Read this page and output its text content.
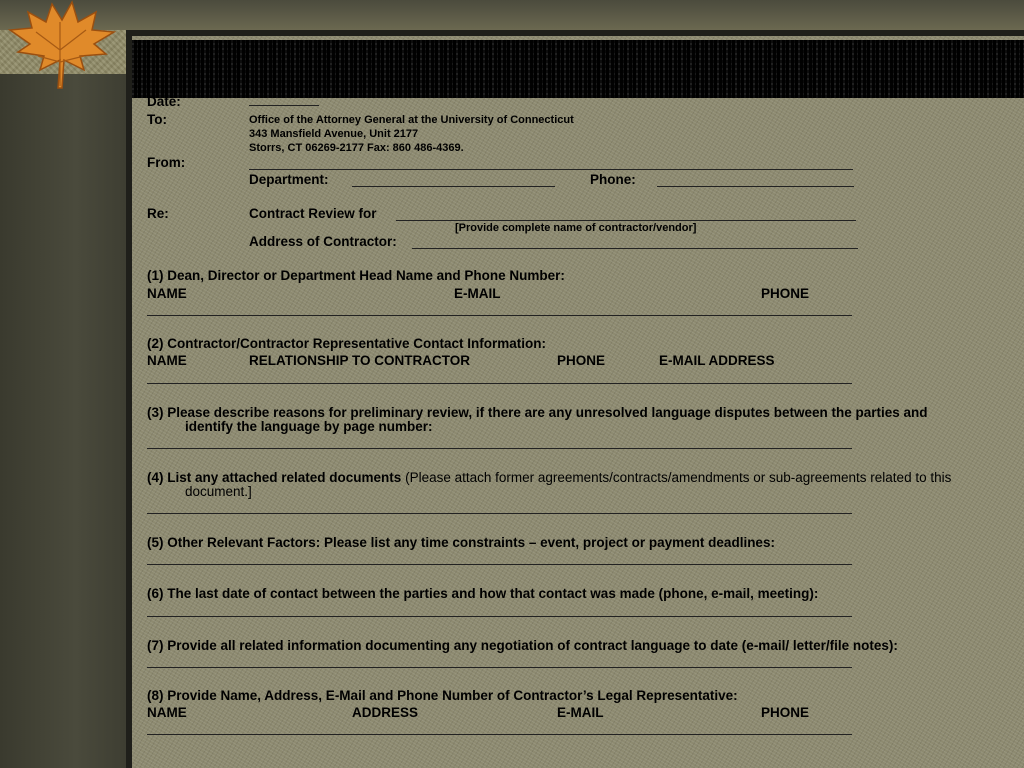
Date:
To:	Office of the Attorney General at the University of Connecticut
343 Mansfield Avenue, Unit 2177
Storrs, CT 06269-2177 Fax: 860 486-4369.
From:
Department:	Phone:
Re:	Contract Review for
[Provide complete name of contractor/vendor]
Address of Contractor:
(1) Dean, Director or Department Head Name and Phone Number:
NAME	E-MAIL	PHONE
(2) Contractor/Contractor Representative Contact Information:
NAME	RELATIONSHIP TO CONTRACTOR	PHONE	E-MAIL ADDRESS
(3) Please describe reasons for preliminary review, if there are any unresolved language disputes between the parties and
identify the language by page number:
(4) List any attached related documents (Please attach former agreements/contracts/amendments or sub-agreements related to this
document.]
(5) Other Relevant Factors: Please list any time constraints – event, project or payment deadlines:
(6) The last date of contact between the parties and how that contact was made (phone, e-mail, meeting):
(7) Provide all related information documenting any negotiation of contract language to date (e-mail/ letter/file notes):
(8) Provide Name, Address, E-Mail and Phone Number of Contractor’s Legal Representative:
NAME	ADDRESS	E-MAIL	PHONE
